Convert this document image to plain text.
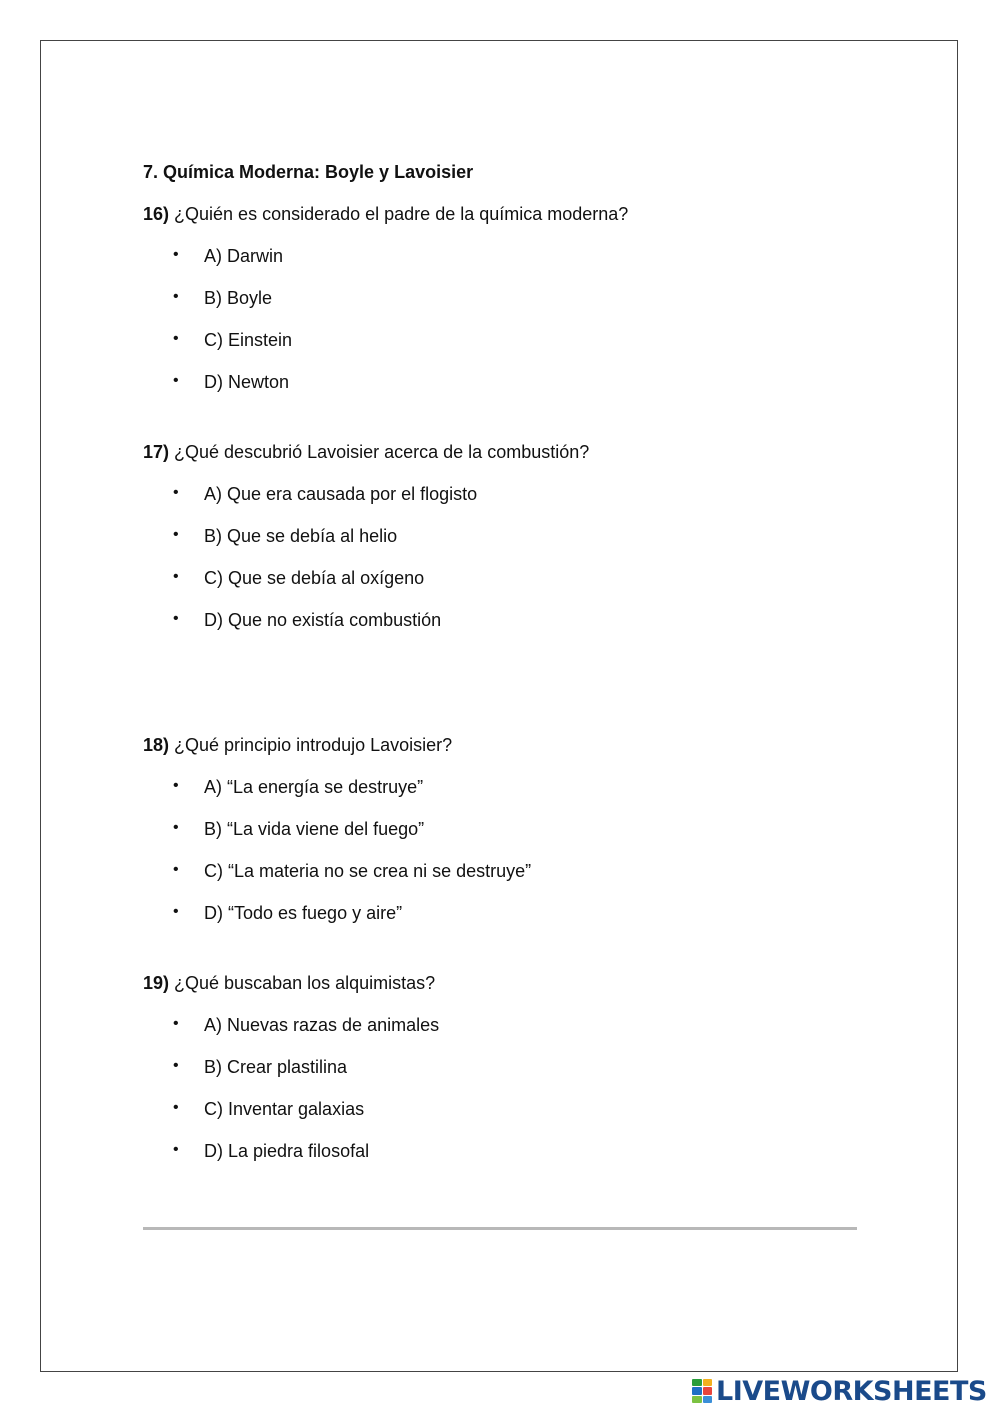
7. Química Moderna: Boyle y Lavoisier
16) ¿Quién es considerado el padre de la química moderna?
• A) Darwin
• B) Boyle
• C) Einstein
• D) Newton
17) ¿Qué descubrió Lavoisier acerca de la combustión?
• A) Que era causada por el flogisto
• B) Que se debía al helio
• C) Que se debía al oxígeno
• D) Que no existía combustión
18) ¿Qué principio introdujo Lavoisier?
• A) “La energía se destruye”
• B) “La vida viene del fuego”
• C) “La materia no se crea ni se destruye”
• D) “Todo es fuego y aire”
19) ¿Qué buscaban los alquimistas?
• A) Nuevas razas de animales
• B) Crear plastilina
• C) Inventar galaxias
• D) La piedra filosofal
LIVEWORKSHEETS
